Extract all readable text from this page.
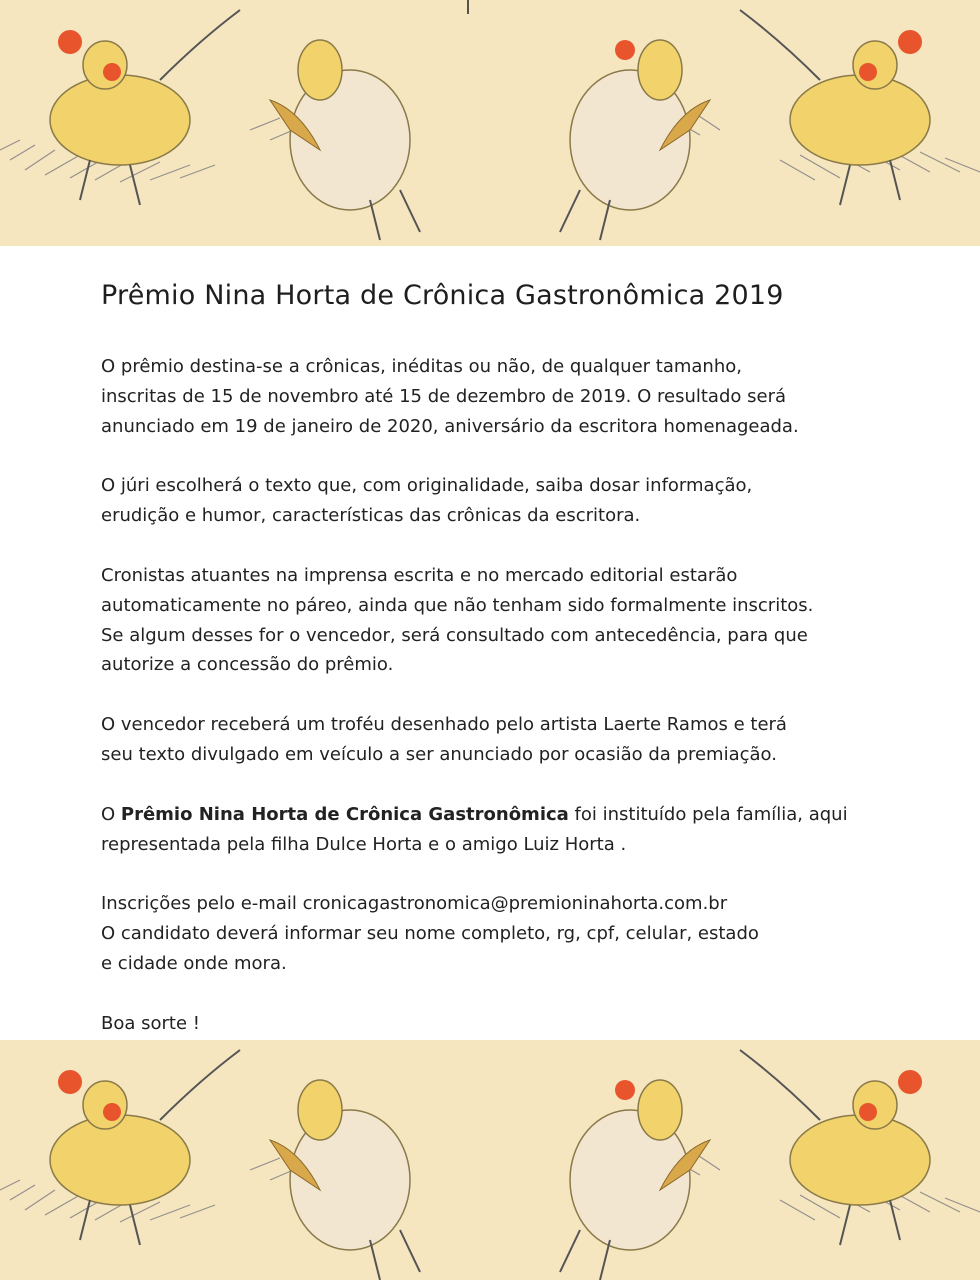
Prêmio Nina Horta de Crônica Gastronômica 2019

O prêmio destina-se a crônicas, inéditas ou não, de qualquer tamanho,
inscritas de 15 de novembro até 15 de dezembro de 2019. O resultado será
anunciado em 19 de janeiro de 2020, aniversário da escritora homenageada.

O júri escolherá o texto que, com originalidade, saiba dosar informação,
erudição e humor, características das crônicas da escritora.

Cronistas atuantes na imprensa escrita e no mercado editorial estarão
automaticamente no páreo, ainda que não tenham sido formalmente inscritos.
Se algum desses for o vencedor, será consultado com antecedência, para que
autorize a concessão do prêmio.

O vencedor receberá um troféu desenhado pelo artista Laerte Ramos e terá
seu texto divulgado em veículo a ser anunciado por ocasião da premiação.

O Prêmio Nina Horta de Crônica Gastronômica foi instituído pela família, aqui
representada pela filha Dulce Horta e o amigo Luiz Horta .

Inscrições pelo e-mail cronicagastronomica@premioninahorta.com.br
O candidato deverá informar seu nome completo, rg, cpf, celular, estado
e cidade onde mora.

Boa sorte !
